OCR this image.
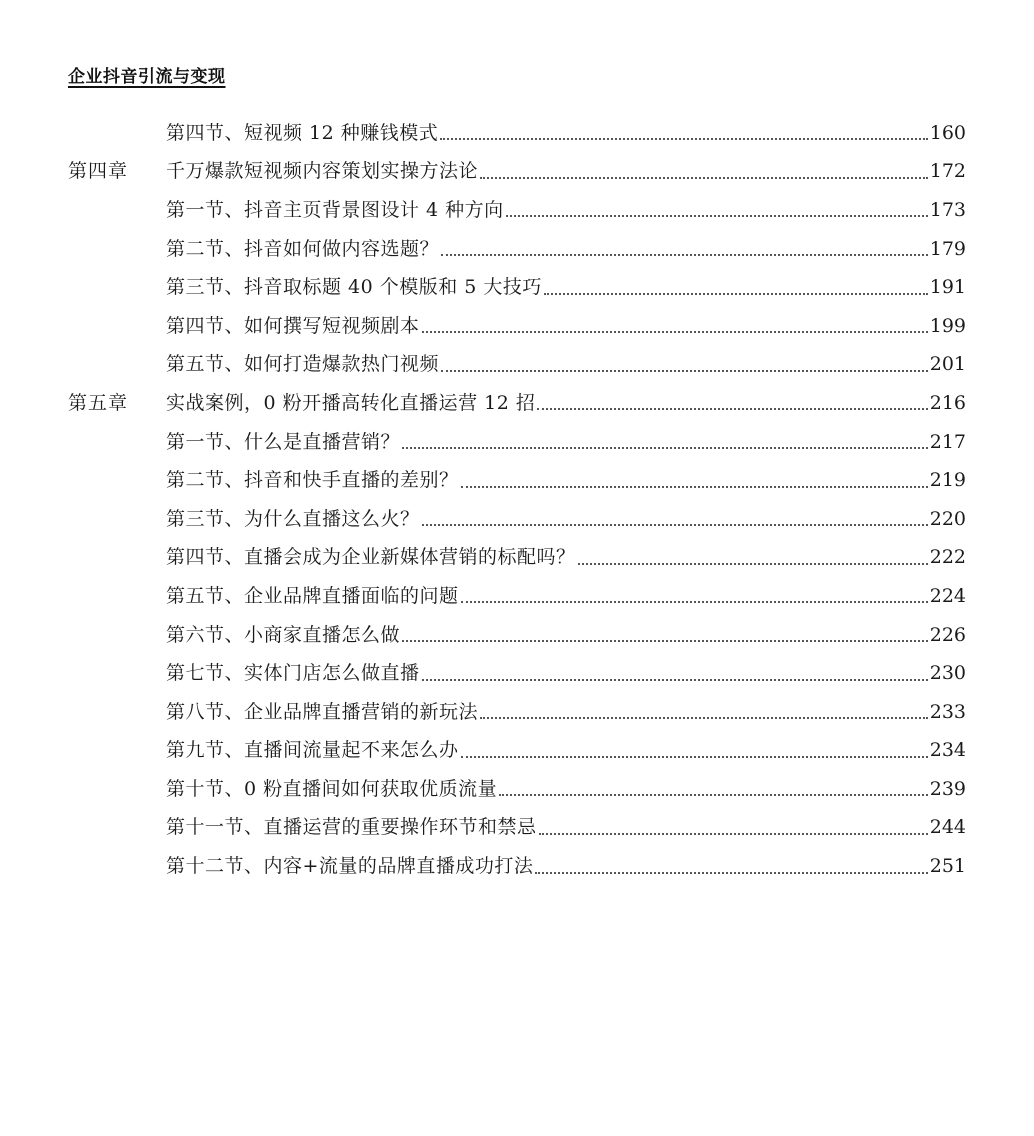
企业抖音引流与变现
第四节、短视频 12 种赚钱模式	160
第四章	千万爆款短视频内容策划实操方法论	172
第一节、抖音主页背景图设计 4 种方向	173
第二节、抖音如何做内容选题？	179
第三节、抖音取标题 40 个模版和 5 大技巧	191
第四节、如何撰写短视频剧本	199
第五节、如何打造爆款热门视频	201
第五章	实战案例，0 粉开播高转化直播运营 12 招	216
第一节、什么是直播营销？	217
第二节、抖音和快手直播的差别？	219
第三节、为什么直播这么火？	220
第四节、直播会成为企业新媒体营销的标配吗？	222
第五节、企业品牌直播面临的问题	224
第六节、小商家直播怎么做	226
第七节、实体门店怎么做直播	230
第八节、企业品牌直播营销的新玩法	233
第九节、直播间流量起不来怎么办	234
第十节、0 粉直播间如何获取优质流量	239
第十一节、直播运营的重要操作环节和禁忌	244
第十二节、内容+流量的品牌直播成功打法	251
